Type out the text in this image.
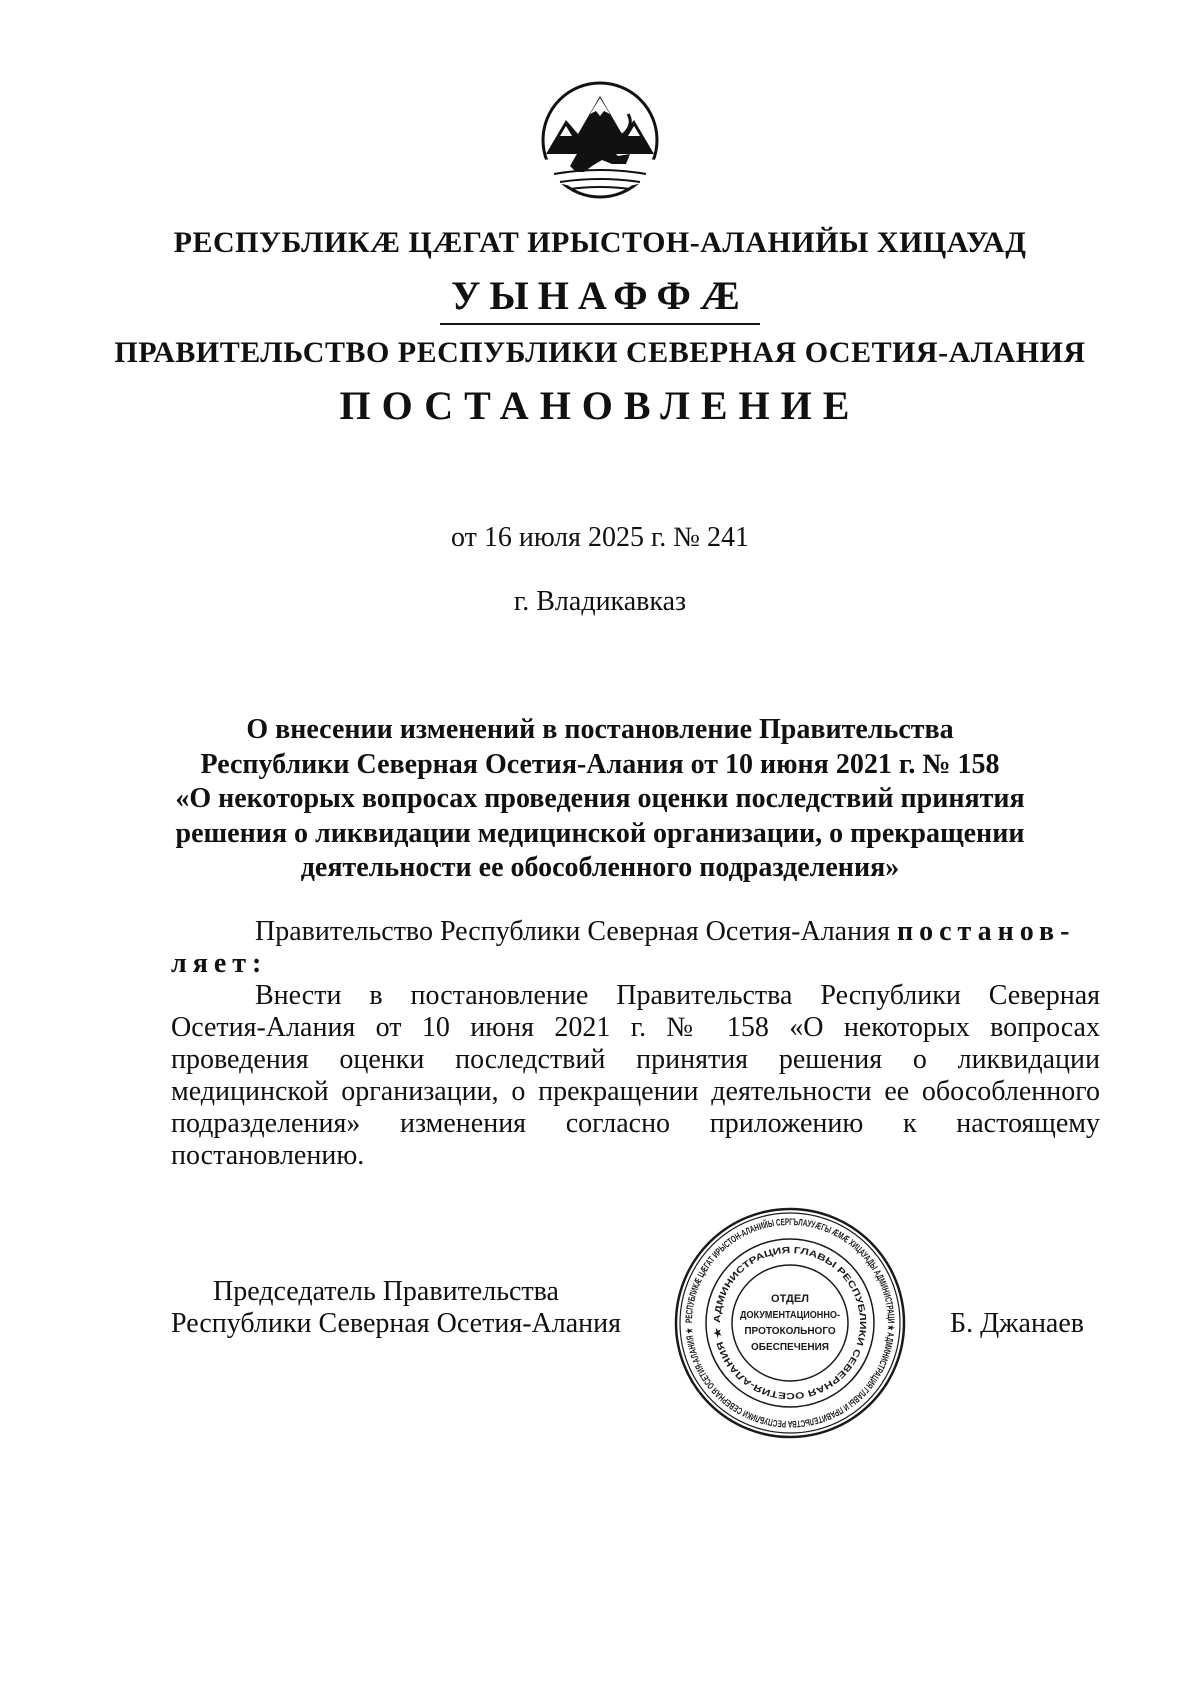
РЕСПУБЛИКÆ ЦÆГАТ ИРЫСТОН-АЛАНИЙЫ ХИЦАУАД
УЫНАФФÆ
ПРАВИТЕЛЬСТВО РЕСПУБЛИКИ СЕВЕРНАЯ ОСЕТИЯ-АЛАНИЯ
ПОСТАНОВЛЕНИЕ
от 16 июля 2025 г. № 241
г. Владикавказ
О внесении изменений в постановление Правительства
Республики Северная Осетия-Алания от 10 июня 2021 г. № 158
«О некоторых вопросах проведения оценки последствий принятия
решения о ликвидации медицинской организации, о прекращении
деятельности ее обособленного подразделения»
Правительство Республики Северная Осетия-Алания постанов-
ляет:
Внести в постановление Правительства Республики Северная
Осетия-Алания от 10 июня 2021 г. № 158 «О некоторых вопросах
проведения оценки последствий принятия решения о ликвидации
медицинской организации, о прекращении деятельности ее обособленного
подразделения» изменения согласно приложению к настоящему
постановлению.
Председатель Правительства
Республики Северная Осетия-Алания	Б. Джанаев
РЕСПУБЛИКÆ ЦÆГАТ ИРЫСТОН-АЛАНИЙЫ СЕРГЪЛАУУÆГЫ ÆМÆ ХИЦАУАДЫ АДМИНИСТРАЦИ ★ АДМИНИСТРАЦИЯ ГЛАВЫ И ПРАВИТЕЛЬСТВА РЕСПУБЛИКИ СЕВЕРНАЯ ОСЕТИЯ-АЛАНИЯ ★
АДМИНИСТРАЦИЯ ГЛАВЫ РЕСПУБЛИКИ СЕВЕРНАЯ ОСЕТИЯ-АЛАНИЯ ★
ОТДЕЛ
ДОКУМЕНТАЦИОННО-
ПРОТОКОЛЬНОГО
ОБЕСПЕЧЕНИЯ
